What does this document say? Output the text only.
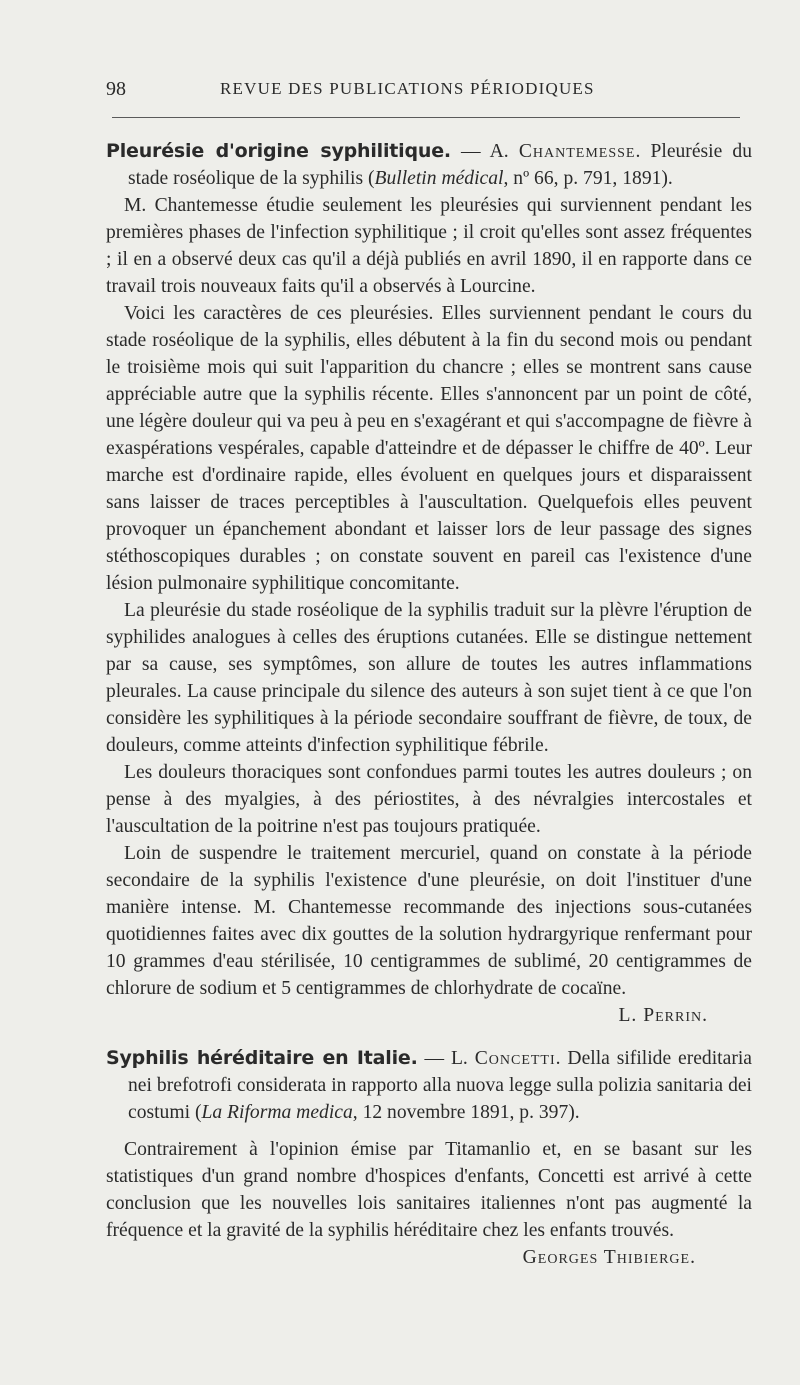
98	REVUE DES PUBLICATIONS PÉRIODIQUES

Pleurésie d'origine syphilitique. — A. Chantemesse. Pleurésie du stade roséolique de la syphilis (Bulletin médical, nº 66, p. 791, 1891).

M. Chantemesse étudie seulement les pleurésies qui surviennent pendant les premières phases de l'infection syphilitique ; il croit qu'elles sont assez fréquentes ; il en a observé deux cas qu'il a déjà publiés en avril 1890, il en rapporte dans ce travail trois nouveaux faits qu'il a observés à Lourcine.

Voici les caractères de ces pleurésies. Elles surviennent pendant le cours du stade roséolique de la syphilis, elles débutent à la fin du second mois ou pendant le troisième mois qui suit l'apparition du chancre ; elles se montrent sans cause appréciable autre que la syphilis récente. Elles s'annoncent par un point de côté, une légère douleur qui va peu à peu en s'exagérant et qui s'accompagne de fièvre à exaspérations vespérales, capable d'atteindre et de dépasser le chiffre de 40º. Leur marche est d'ordinaire rapide, elles évoluent en quelques jours et disparaissent sans laisser de traces perceptibles à l'auscultation. Quelquefois elles peuvent provoquer un épanchement abondant et laisser lors de leur passage des signes stéthoscopiques durables ; on constate souvent en pareil cas l'existence d'une lésion pulmonaire syphilitique concomitante.

La pleurésie du stade roséolique de la syphilis traduit sur la plèvre l'éruption de syphilides analogues à celles des éruptions cutanées. Elle se distingue nettement par sa cause, ses symptômes, son allure de toutes les autres inflammations pleurales. La cause principale du silence des auteurs à son sujet tient à ce que l'on considère les syphilitiques à la période secondaire souffrant de fièvre, de toux, de douleurs, comme atteints d'infection syphilitique fébrile.

Les douleurs thoraciques sont confondues parmi toutes les autres douleurs ; on pense à des myalgies, à des périostites, à des névralgies intercostales et l'auscultation de la poitrine n'est pas toujours pratiquée.

Loin de suspendre le traitement mercuriel, quand on constate à la période secondaire de la syphilis l'existence d'une pleurésie, on doit l'instituer d'une manière intense. M. Chantemesse recommande des injections sous-cutanées quotidiennes faites avec dix gouttes de la solution hydrargyrique renfermant pour 10 grammes d'eau stérilisée, 10 centigrammes de sublimé, 20 centigrammes de chlorure de sodium et 5 centigrammes de chlorhydrate de cocaïne.
L. Perrin.

Syphilis héréditaire en Italie. — L. Concetti. Della sifilide ereditaria nei brefotrofi considerata in rapporto alla nuova legge sulla polizia sanitaria dei costumi (La Riforma medica, 12 novembre 1891, p. 397).

Contrairement à l'opinion émise par Titamanlio et, en se basant sur les statistiques d'un grand nombre d'hospices d'enfants, Concetti est arrivé à cette conclusion que les nouvelles lois sanitaires italiennes n'ont pas augmenté la fréquence et la gravité de la syphilis héréditaire chez les enfants trouvés.
Georges Thibierge.
